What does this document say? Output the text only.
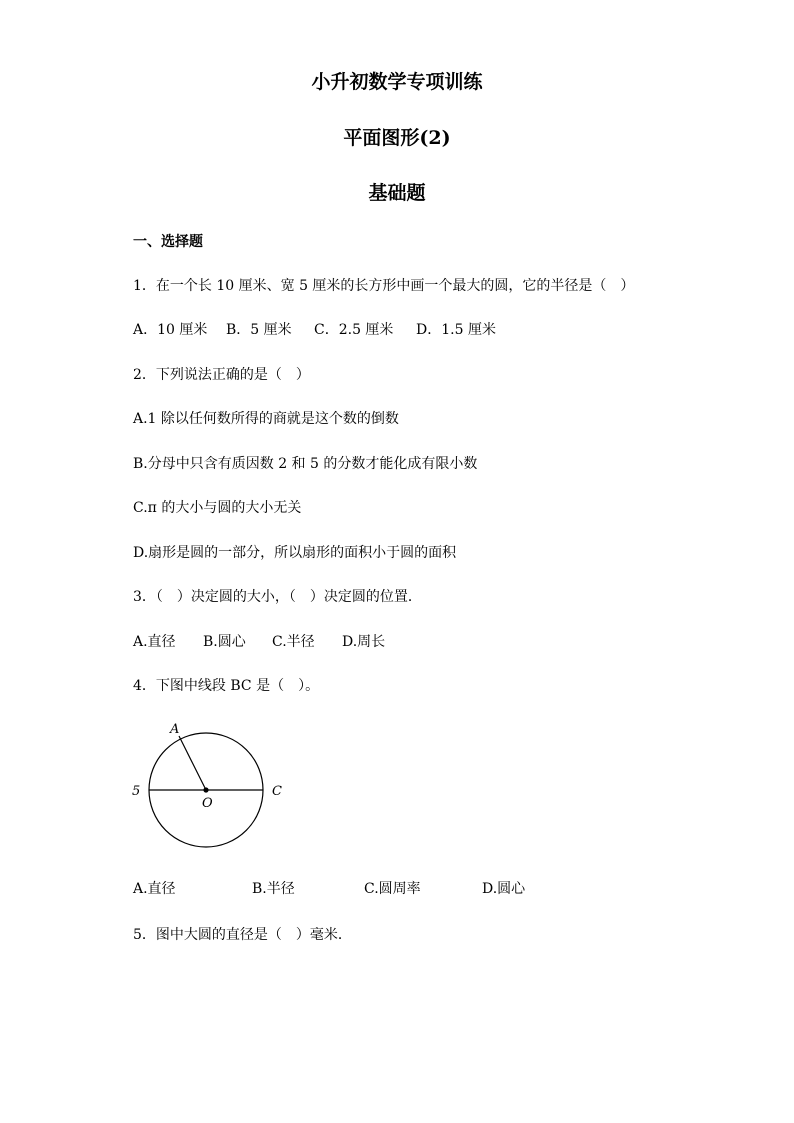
小升初数学专项训练
平面图形(2)
基础题
一、选择题
1．在一个长 10 厘米、宽 5 厘米的长方形中画一个最大的圆，它的半径是（　）
A．10 厘米 B．5 厘米 C．2.5 厘米 D．1.5 厘米
2．下列说法正确的是（　）
A.1 除以任何数所得的商就是这个数的倒数
B.分母中只含有质因数 2 和 5 的分数才能化成有限小数
C.π 的大小与圆的大小无关
D.扇形是圆的一部分，所以扇形的面积小于圆的面积
3．（　）决定圆的大小，（　）决定圆的位置．
A.直径 B.圆心 C.半径 D.周长
4．下图中线段 BC 是（　）。
A
5	C
O
A.直径	B.半径	C.圆周率	D.圆心
5．图中大圆的直径是（　）毫米．
